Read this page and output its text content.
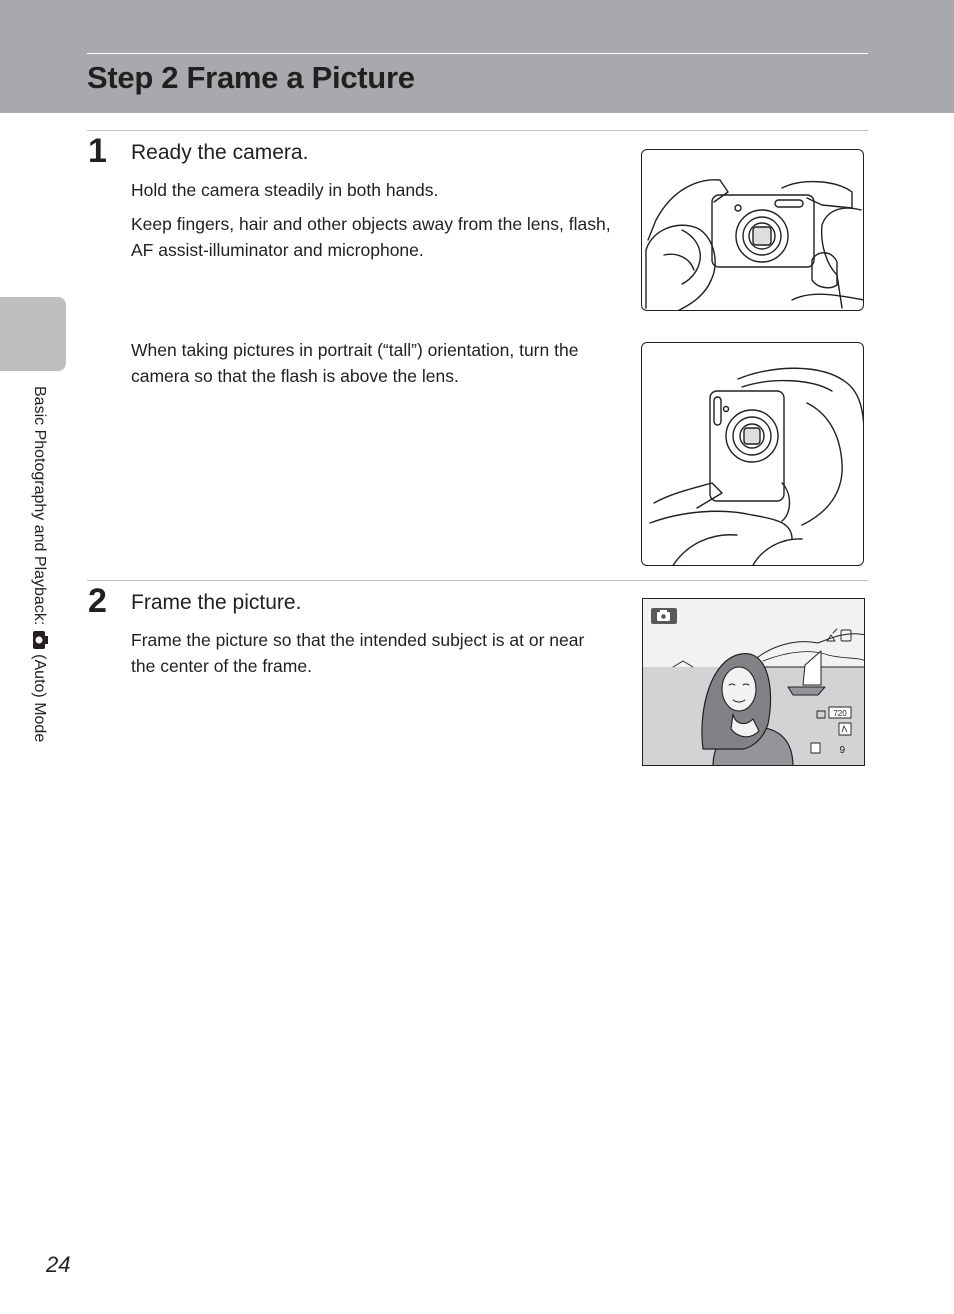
Step 2 Frame a Picture
Basic Photography and Playback:  (Auto) Mode
1 Ready the camera.

Hold the camera steadily in both hands.

Keep fingers, hair and other objects away from the lens, flash, AF assist-illuminator and microphone.

When taking pictures in portrait (“tall”) orientation, turn the camera so that the flash is above the lens.

2 Frame the picture.

Frame the picture so that the intended subject is at or near the center of the frame.

720
9
24
